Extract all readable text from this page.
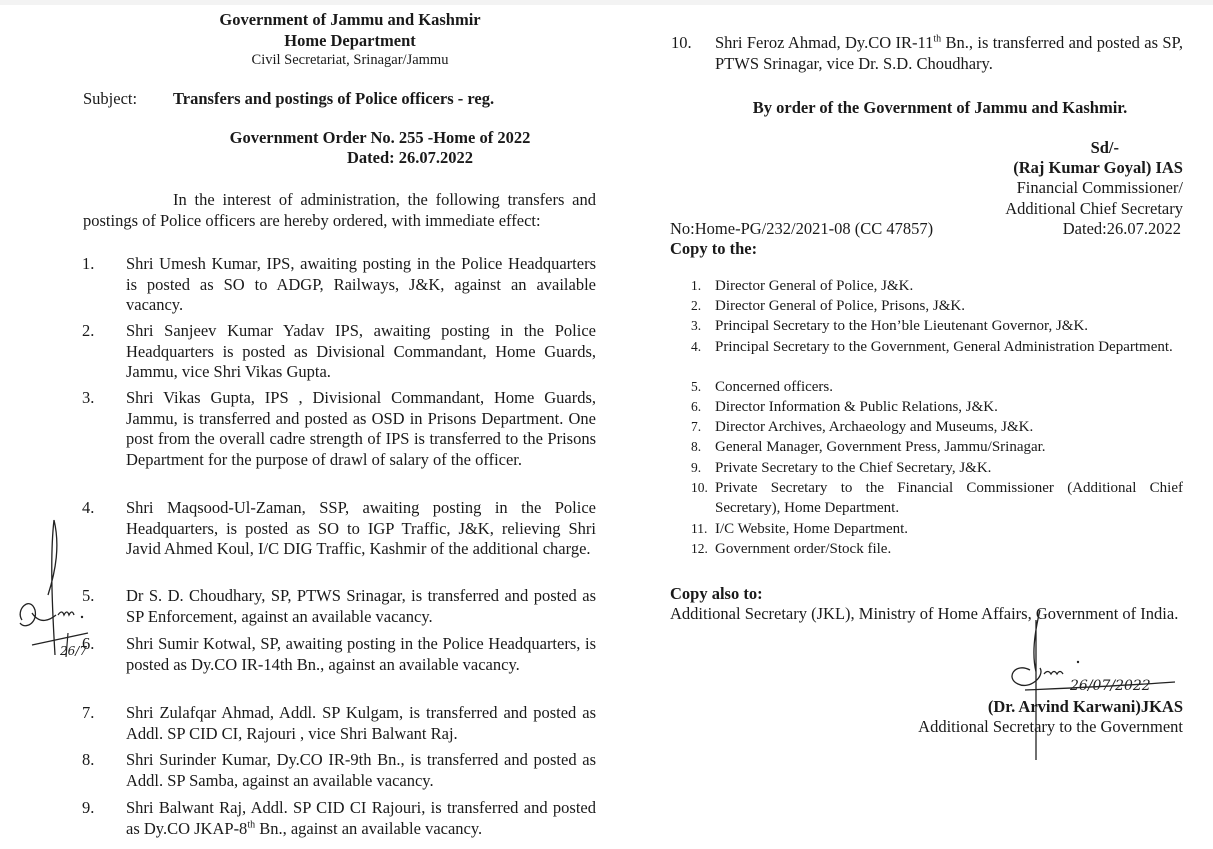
Government of Jammu and Kashmir
Home Department
Civil Secretariat, Srinagar/Jammu
Subject: Transfers and postings of Police officers - reg.
Government Order No. 255 -Home of 2022
Dated: 26.07.2022
In the interest of administration, the following transfers and postings of Police officers are hereby ordered, with immediate effect:
1. Shri Umesh Kumar, IPS, awaiting posting in the Police Headquarters is posted as SO to ADGP, Railways, J&K, against an available vacancy.
2. Shri Sanjeev Kumar Yadav IPS, awaiting posting in the Police Headquarters is posted as Divisional Commandant, Home Guards, Jammu, vice Shri Vikas Gupta.
3. Shri Vikas Gupta, IPS , Divisional Commandant, Home Guards, Jammu, is transferred and posted as OSD in Prisons Department. One post from the overall cadre strength of IPS is transferred to the Prisons Department for the purpose of drawl of salary of the officer.
4. Shri Maqsood-Ul-Zaman, SSP, awaiting posting in the Police Headquarters, is posted as SO to IGP Traffic, J&K, relieving Shri Javid Ahmed Koul, I/C DIG Traffic, Kashmir of the additional charge.
5. Dr S. D. Choudhary, SP, PTWS Srinagar, is transferred and posted as SP Enforcement, against an available vacancy.
6. Shri Sumir Kotwal, SP, awaiting posting in the Police Headquarters, is posted as Dy.CO IR-14th Bn., against an available vacancy.
7. Shri Zulafqar Ahmad, Addl. SP Kulgam, is transferred and posted as Addl. SP CID CI, Rajouri , vice Shri Balwant Raj.
8. Shri Surinder Kumar, Dy.CO IR-9th Bn., is transferred and posted as Addl. SP Samba, against an available vacancy.
9. Shri Balwant Raj, Addl. SP CID CI Rajouri, is transferred and posted as Dy.CO JKAP-8th Bn., against an available vacancy.
26/7
10. Shri Feroz Ahmad, Dy.CO IR-11th Bn., is transferred and posted as SP, PTWS Srinagar, vice Dr. S.D. Choudhary.
By order of the Government of Jammu and Kashmir.
Sd/-
(Raj Kumar Goyal) IAS
Financial Commissioner/
Additional Chief Secretary
Dated:26.07.2022
No:Home-PG/232/2021-08 (CC 47857)
Copy to the:
1. Director General of Police, J&K.
2. Director General of Police, Prisons, J&K.
3. Principal Secretary to the Hon’ble Lieutenant Governor, J&K.
4. Principal Secretary to the Government, General Administration Department.
5. Concerned officers.
6. Director Information & Public Relations, J&K.
7. Director Archives, Archaeology and Museums, J&K.
8. General Manager, Government Press, Jammu/Srinagar.
9. Private Secretary to the Chief Secretary, J&K.
10. Private Secretary to the Financial Commissioner (Additional Chief Secretary), Home Department.
11. I/C Website, Home Department.
12. Government order/Stock file.
Copy also to:
Additional Secretary (JKL), Ministry of Home Affairs, Government of India.
26/07/2022
(Dr. Arvind Karwani)JKAS
Additional Secretary to the Government
